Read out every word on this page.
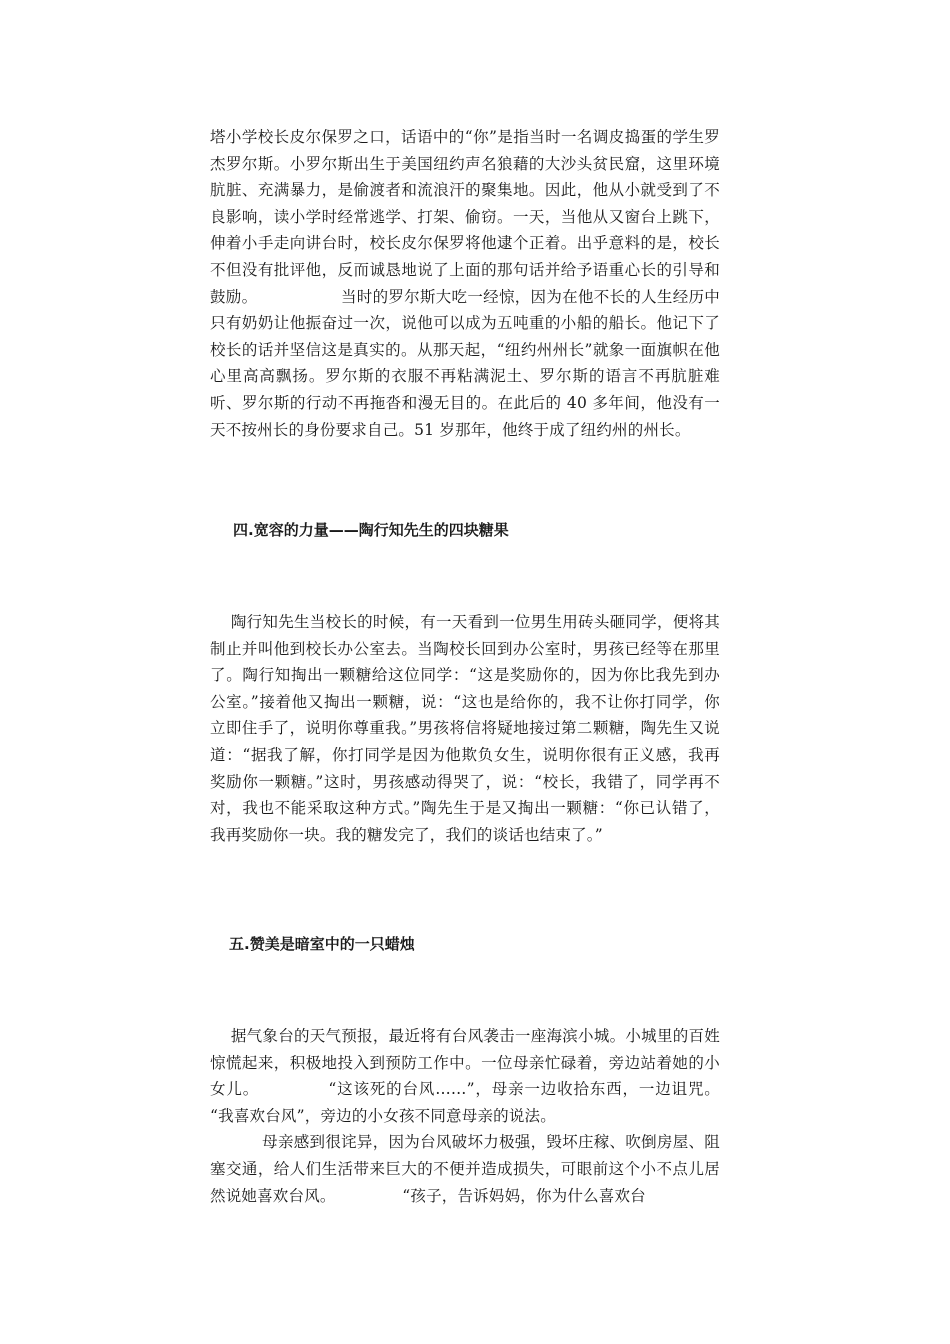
塔小学校长皮尔保罗之口，话语中的“你”是指当时一名调皮捣蛋的学生罗杰罗尔斯。小罗尔斯出生于美国纽约声名狼藉的大沙头贫民窟，这里环境肮脏、充满暴力，是偷渡者和流浪汗的聚集地。因此，他从小就受到了不良影响，读小学时经常逃学、打架、偷窃。一天，当他从又窗台上跳下，伸着小手走向讲台时，校长皮尔保罗将他逮个正着。出乎意料的是，校长不但没有批评他，反而诚恳地说了上面的那句话并给予语重心长的引导和鼓励。                当时的罗尔斯大吃一经惊，因为在他不长的人生经历中只有奶奶让他振奋过一次，说他可以成为五吨重的小船的船长。他记下了校长的话并坚信这是真实的。从那天起，“纽约州州长”就象一面旗帜在他心里高高飘扬。罗尔斯的衣服不再粘满泥土、罗尔斯的语言不再肮脏难听、罗尔斯的行动不再拖沓和漫无目的。在此后的 40 多年间，他没有一天不按州长的身份要求自己。51 岁那年，他终于成了纽约州的州长。

四.宽容的力量——陶行知先生的四块糖果

陶行知先生当校长的时候，有一天看到一位男生用砖头砸同学，便将其制止并叫他到校长办公室去。当陶校长回到办公室时，男孩已经等在那里了。陶行知掏出一颗糖给这位同学：“这是奖励你的，因为你比我先到办公室。”接着他又掏出一颗糖，说：“这也是给你的，我不让你打同学，你立即住手了，说明你尊重我。”男孩将信将疑地接过第二颗糖，陶先生又说道：“据我了解，你打同学是因为他欺负女生，说明你很有正义感，我再奖励你一颗糖。”这时，男孩感动得哭了，说：“校长，我错了，同学再不对，我也不能采取这种方式。”陶先生于是又掏出一颗糖：“你已认错了，我再奖励你一块。我的糖发完了，我们的谈话也结束了。”

五.赞美是暗室中的一只蜡烛

据气象台的天气预报，最近将有台风袭击一座海滨小城。小城里的百姓惊慌起来，积极地投入到预防工作中。一位母亲忙碌着，旁边站着她的小女儿。            “这该死的台风……”，母亲一边收拾东西，一边诅咒。            “我喜欢台风”，旁边的小女孩不同意母亲的说法。
母亲感到很诧异，因为台风破坏力极强，毁坏庄稼、吹倒房屋、阻塞交通，给人们生活带来巨大的不便并造成损失，可眼前这个小不点儿居然说她喜欢台风。             “孩子，告诉妈妈，你为什么喜欢台
